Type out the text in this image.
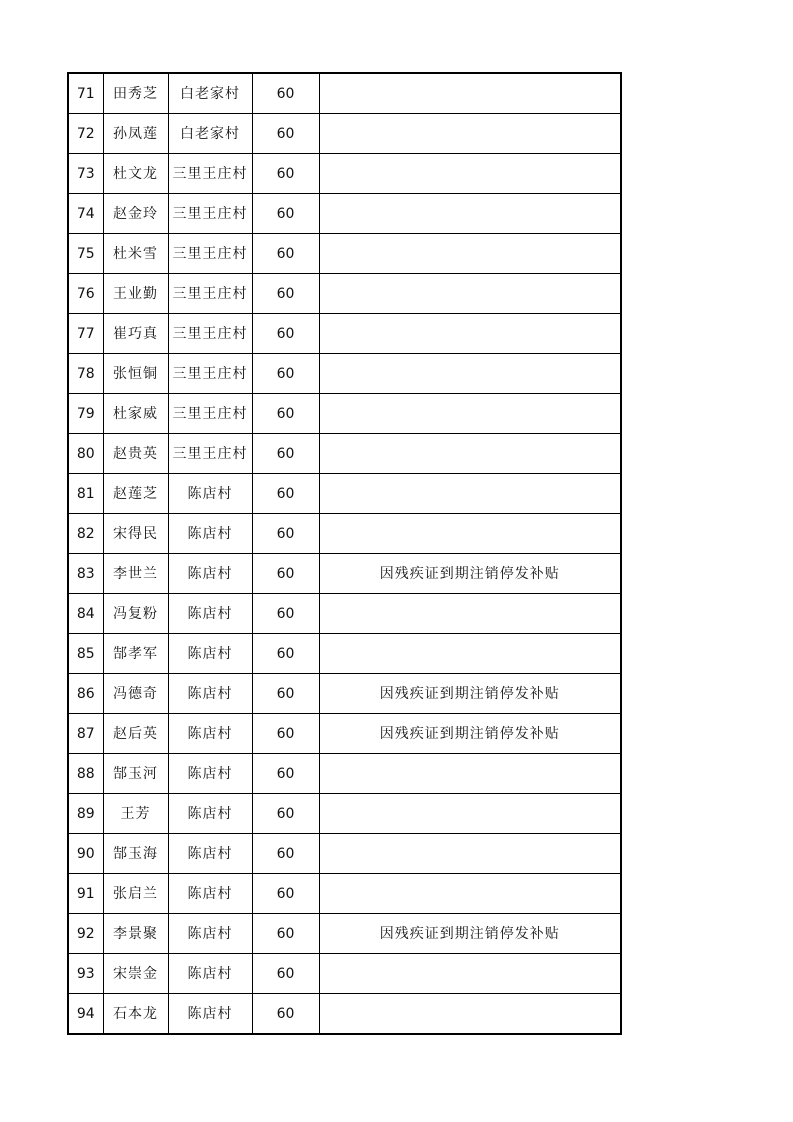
71	田秀芝	白老家村	60	
72	孙凤莲	白老家村	60	
73	杜文龙	三里王庄村	60	
74	赵金玲	三里王庄村	60	
75	杜米雪	三里王庄村	60	
76	王业勤	三里王庄村	60	
77	崔巧真	三里王庄村	60	
78	张恒铜	三里王庄村	60	
79	杜家威	三里王庄村	60	
80	赵贵英	三里王庄村	60	
81	赵莲芝	陈店村	60	
82	宋得民	陈店村	60	
83	李世兰	陈店村	60	因残疾证到期注销停发补贴
84	冯复粉	陈店村	60	
85	郜孝军	陈店村	60	
86	冯德奇	陈店村	60	因残疾证到期注销停发补贴
87	赵后英	陈店村	60	因残疾证到期注销停发补贴
88	郜玉河	陈店村	60	
89	王芳	陈店村	60	
90	郜玉海	陈店村	60	
91	张启兰	陈店村	60	
92	李景聚	陈店村	60	因残疾证到期注销停发补贴
93	宋崇金	陈店村	60	
94	石本龙	陈店村	60	
